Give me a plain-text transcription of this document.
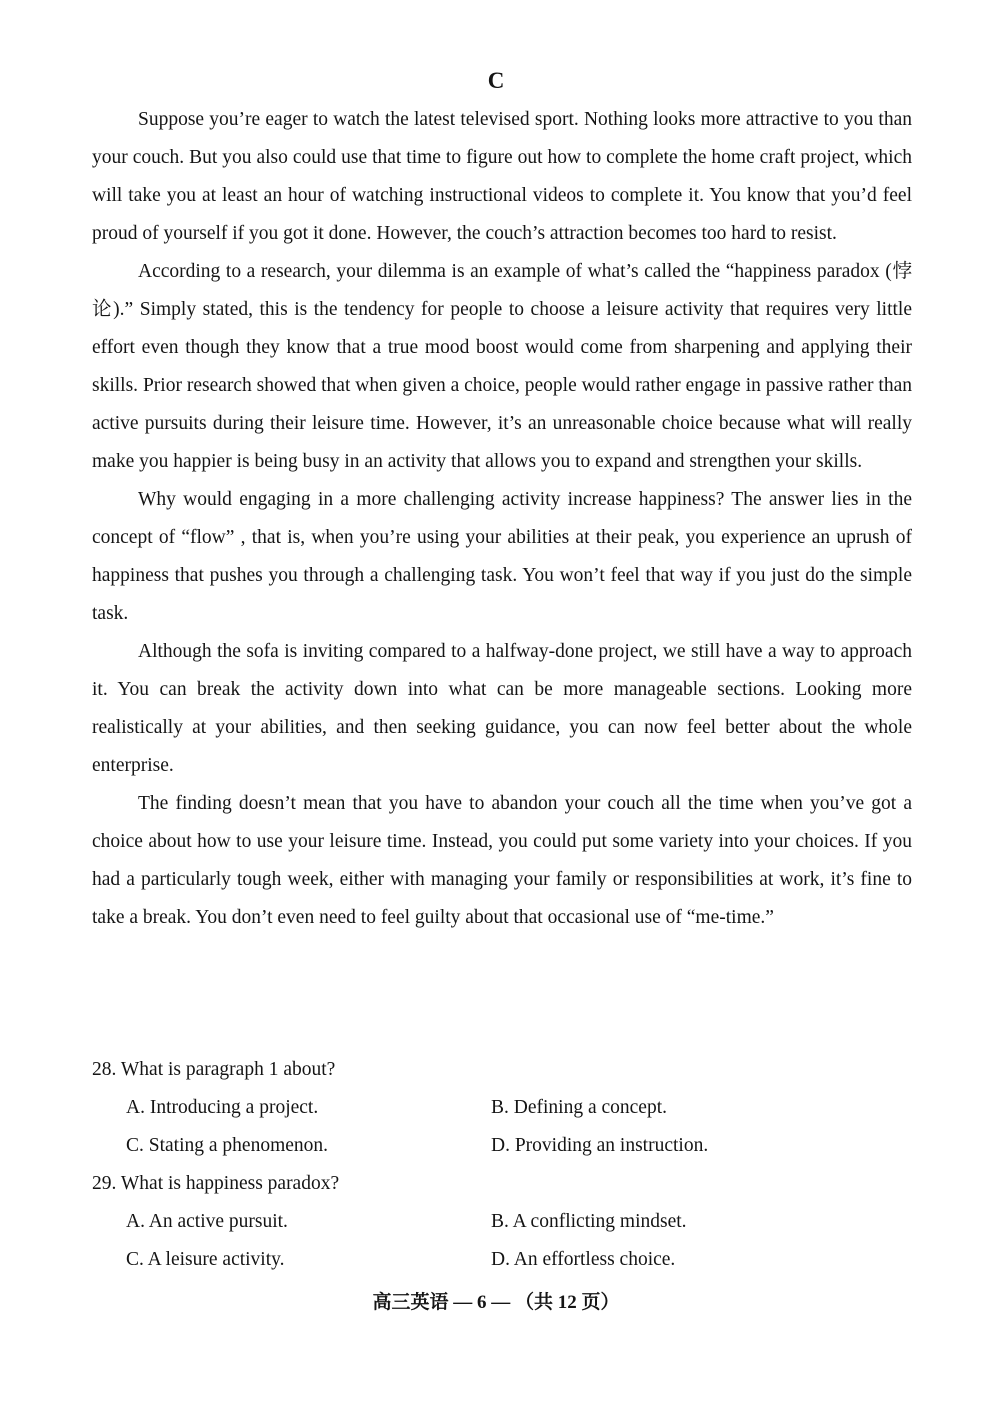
C

Suppose you’re eager to watch the latest televised sport. Nothing looks more attractive to you than your couch. But you also could use that time to figure out how to complete the home craft project, which will take you at least an hour of watching instructional videos to complete it. You know that you’d feel proud of yourself if you got it done. However, the couch’s attraction becomes too hard to resist.

According to a research, your dilemma is an example of what’s called the “happiness paradox (悖论).” Simply stated, this is the tendency for people to choose a leisure activity that requires very little effort even though they know that a true mood boost would come from sharpening and applying their skills. Prior research showed that when given a choice, people would rather engage in passive rather than active pursuits during their leisure time. However, it’s an unreasonable choice because what will really make you happier is being busy in an activity that allows you to expand and strengthen your skills.

Why would engaging in a more challenging activity increase happiness? The answer lies in the concept of “flow” , that is, when you’re using your abilities at their peak, you experience an uprush of happiness that pushes you through a challenging task. You won’t feel that way if you just do the simple task.

Although the sofa is inviting compared to a halfway-done project, we still have a way to approach it. You can break the activity down into what can be more manageable sections. Looking more realistically at your abilities, and then seeking guidance, you can now feel better about the whole enterprise.

The finding doesn’t mean that you have to abandon your couch all the time when you’ve got a choice about how to use your leisure time. Instead, you could put some variety into your choices. If you had a particularly tough week, either with managing your family or responsibilities at work, it’s fine to take a break. You don’t even need to feel guilty about that occasional use of “me-time.”

28. What is paragraph 1 about?

A. Introducing a project.	B. Defining a concept.

C. Stating a phenomenon.	D. Providing an instruction.

29. What is happiness paradox?

A. An active pursuit.	B. A conflicting mindset.

C. A leisure activity.	D. An effortless choice.

高三英语 — 6 — （共 12 页）
